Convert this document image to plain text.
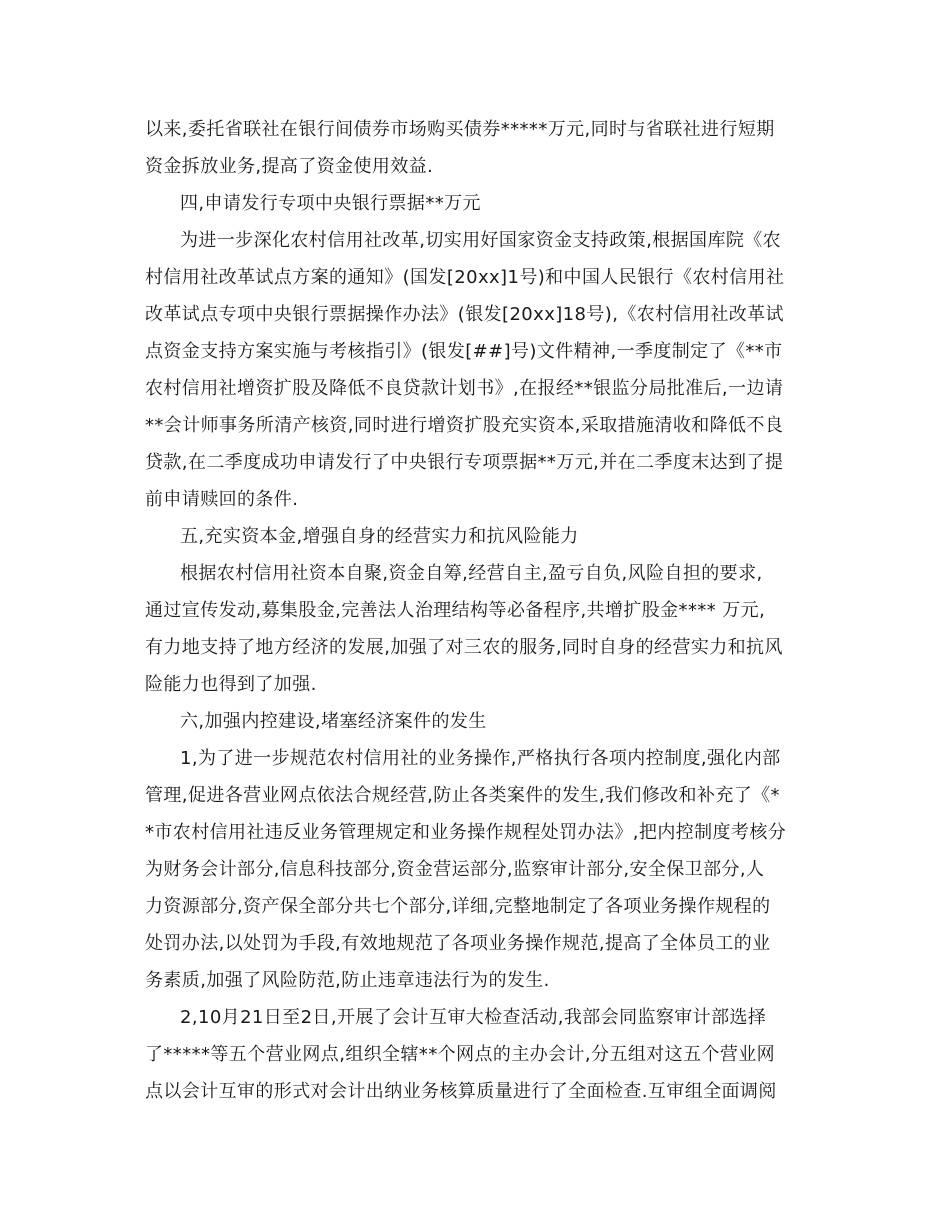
以来,委托省联社在银行间债券市场购买债券*****万元,同时与省联社进行短期
资金拆放业务,提高了资金使用效益.
四,申请发行专项中央银行票据**万元
为进一步深化农村信用社改革,切实用好国家资金支持政策,根据国库院《农
村信用社改革试点方案的通知》(国发[20xx]1号)和中国人民银行《农村信用社
改革试点专项中央银行票据操作办法》(银发[20xx]18号),《农村信用社改革试
点资金支持方案实施与考核指引》(银发[##]号)文件精神,一季度制定了《**市
农村信用社增资扩股及降低不良贷款计划书》,在报经**银监分局批准后,一边请
**会计师事务所清产核资,同时进行增资扩股充实资本,采取措施清收和降低不良
贷款,在二季度成功申请发行了中央银行专项票据**万元,并在二季度末达到了提
前申请赎回的条件.
五,充实资本金,增强自身的经营实力和抗风险能力
根据农村信用社资本自聚,资金自筹,经营自主,盈亏自负,风险自担的要求,
通过宣传发动,募集股金,完善法人治理结构等必备程序,共增扩股金**** 万元,
有力地支持了地方经济的发展,加强了对三农的服务,同时自身的经营实力和抗风
险能力也得到了加强.
六,加强内控建设,堵塞经济案件的发生
1,为了进一步规范农村信用社的业务操作,严格执行各项内控制度,强化内部
管理,促进各营业网点依法合规经营,防止各类案件的发生,我们修改和补充了《*
*市农村信用社违反业务管理规定和业务操作规程处罚办法》,把内控制度考核分
为财务会计部分,信息科技部分,资金营运部分,监察审计部分,安全保卫部分,人
力资源部分,资产保全部分共七个部分,详细,完整地制定了各项业务操作规程的
处罚办法,以处罚为手段,有效地规范了各项业务操作规范,提高了全体员工的业
务素质,加强了风险防范,防止违章违法行为的发生.
2,10月21日至2日,开展了会计互审大检查活动,我部会同监察审计部选择
了*****等五个营业网点,组织全辖**个网点的主办会计,分五组对这五个营业网
点以会计互审的形式对会计出纳业务核算质量进行了全面检查.互审组全面调阅
